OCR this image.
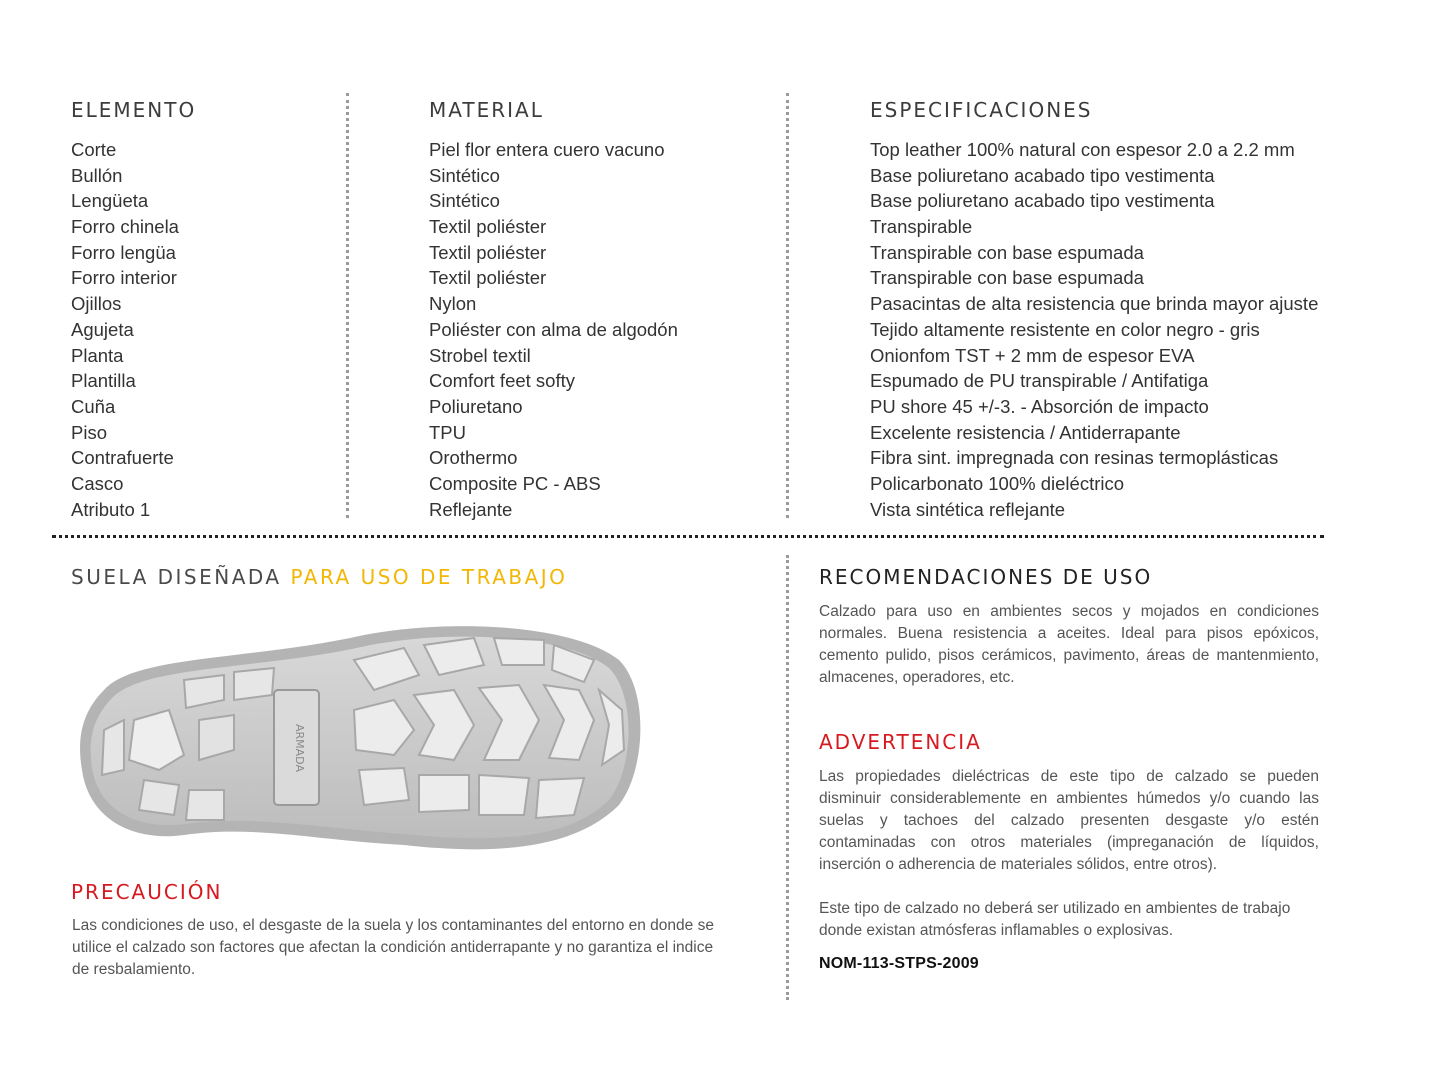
ELEMENTO
Corte
Bullón
Lengüeta
Forro chinela
Forro lengüa
Forro interior
Ojillos
Agujeta
Planta
Plantilla
Cuña
Piso
Contrafuerte
Casco
Atributo 1
MATERIAL
Piel flor entera cuero vacuno
Sintético
Sintético
Textil poliéster
Textil poliéster
Textil poliéster
Nylon
Poliéster con alma de algodón
Strobel textil
Comfort feet softy
Poliuretano
TPU
Orothermo
Composite PC - ABS
Reflejante
ESPECIFICACIONES
Top leather 100% natural con espesor 2.0 a 2.2 mm
Base poliuretano acabado tipo vestimenta
Base poliuretano acabado tipo vestimenta
Transpirable
Transpirable con base espumada
Transpirable con base espumada
Pasacintas de alta resistencia que brinda mayor ajuste
Tejido altamente resistente en color negro - gris
Onionfom TST + 2 mm de espesor EVA
Espumado de PU transpirable / Antifatiga
PU shore 45 +/-3. - Absorción de impacto
Excelente resistencia / Antiderrapante
Fibra sint. impregnada con resinas termoplásticas
Policarbonato 100% dieléctrico
Vista sintética reflejante
SUELA DISEÑADA PARA USO DE TRABAJO
ARMADA
PRECAUCIÓN
Las condiciones de uso, el desgaste de la suela y los contaminantes del entorno en donde se utilice el calzado son factores que afectan la condición antiderrapante y no garantiza el indice de resbalamiento.
RECOMENDACIONES DE USO
Calzado para uso en ambientes secos y mojados en condiciones normales. Buena resistencia a aceites. Ideal para pisos epóxicos, cemento pulido, pisos cerámicos, pavimento, áreas de mantenmiento, almacenes, operadores, etc.
ADVERTENCIA
Las propiedades dieléctricas de este tipo de calzado se pueden disminuir considerablemente en ambientes húmedos y/o cuando las suelas y tachoes del calzado presenten desgaste y/o estén contaminadas con otros materiales (impreganación de líquidos, inserción o adherencia de materiales sólidos, entre otros).
Este tipo de calzado no deberá ser utilizado en ambientes de trabajo donde existan atmósferas inflamables o explosivas.
NOM-113-STPS-2009
